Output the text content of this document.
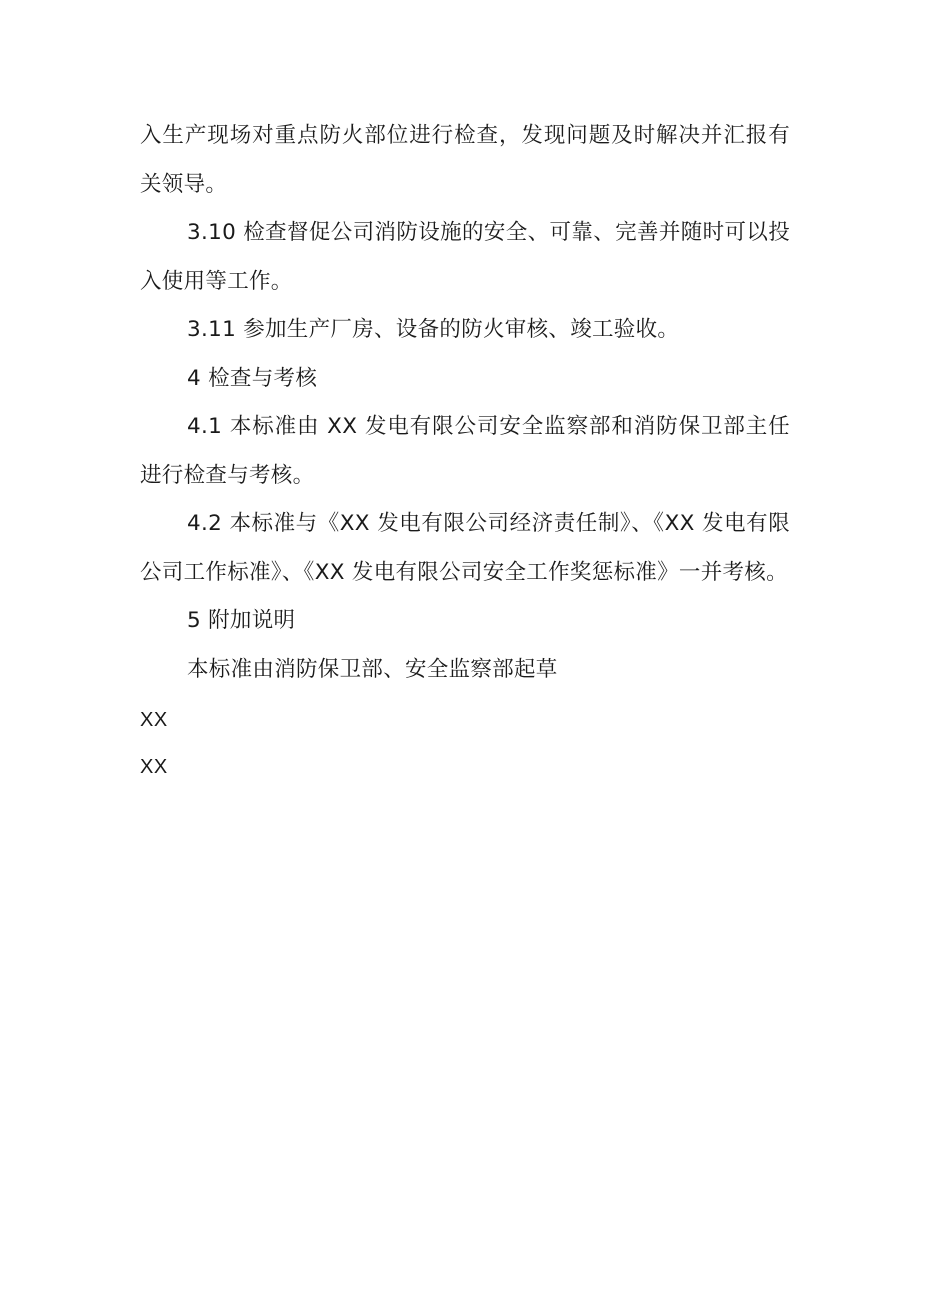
入生产现场对重点防火部位进行检查，发现问题及时解决并汇报有关领导。

3.10 检查督促公司消防设施的安全、可靠、完善并随时可以投入使用等工作。

3.11 参加生产厂房、设备的防火审核、竣工验收。

4 检查与考核

4.1 本标准由 XX 发电有限公司安全监察部和消防保卫部主任进行检查与考核。

4.2 本标准与《XX 发电有限公司经济责任制》、《XX 发电有限公司工作标准》、《XX 发电有限公司安全工作奖惩标准》一并考核。

5 附加说明

本标准由消防保卫部、安全监察部起草

XX

XX
